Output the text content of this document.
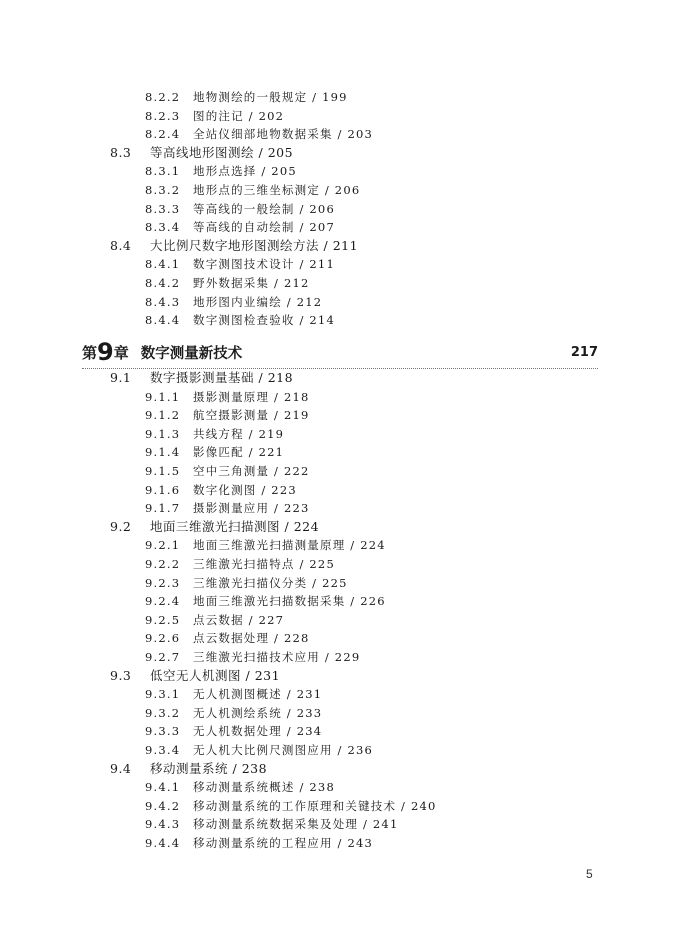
8.2.2 地物测绘的一般规定 / 199
8.2.3 图的注记 / 202
8.2.4 全站仪细部地物数据采集 / 203
8.3 等高线地形图测绘 / 205
8.3.1 地形点选择 / 205
8.3.2 地形点的三维坐标测定 / 206
8.3.3 等高线的一般绘制 / 206
8.3.4 等高线的自动绘制 / 207
8.4 大比例尺数字地形图测绘方法 / 211
8.4.1 数字测图技术设计 / 211
8.4.2 野外数据采集 / 212
8.4.3 地形图内业编绘 / 212
8.4.4 数字测图检查验收 / 214
第9章 数字测量新技术	217
9.1 数字摄影测量基础 / 218
9.1.1 摄影测量原理 / 218
9.1.2 航空摄影测量 / 219
9.1.3 共线方程 / 219
9.1.4 影像匹配 / 221
9.1.5 空中三角测量 / 222
9.1.6 数字化测图 / 223
9.1.7 摄影测量应用 / 223
9.2 地面三维激光扫描测图 / 224
9.2.1 地面三维激光扫描测量原理 / 224
9.2.2 三维激光扫描特点 / 225
9.2.3 三维激光扫描仪分类 / 225
9.2.4 地面三维激光扫描数据采集 / 226
9.2.5 点云数据 / 227
9.2.6 点云数据处理 / 228
9.2.7 三维激光扫描技术应用 / 229
9.3 低空无人机测图 / 231
9.3.1 无人机测图概述 / 231
9.3.2 无人机测绘系统 / 233
9.3.3 无人机数据处理 / 234
9.3.4 无人机大比例尺测图应用 / 236
9.4 移动测量系统 / 238
9.4.1 移动测量系统概述 / 238
9.4.2 移动测量系统的工作原理和关键技术 / 240
9.4.3 移动测量系统数据采集及处理 / 241
9.4.4 移动测量系统的工程应用 / 243
5
